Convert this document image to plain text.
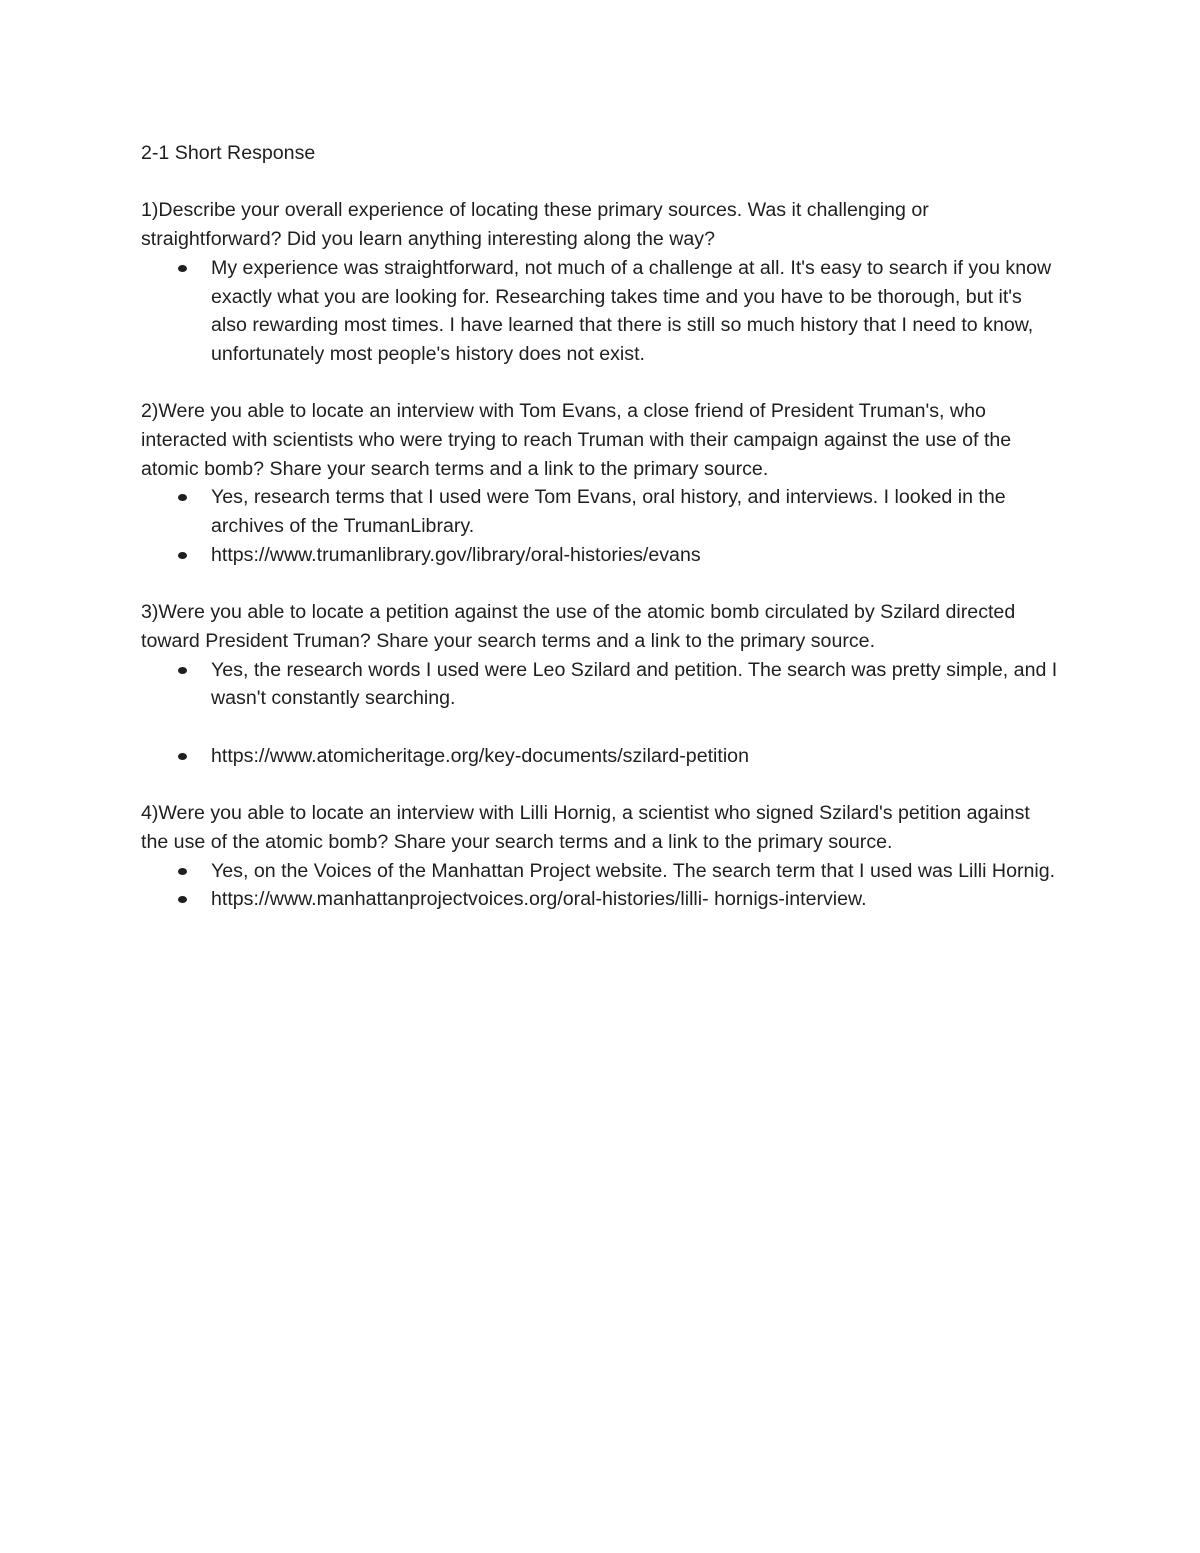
2-1 Short Response

1)Describe your overall experience of locating these primary sources. Was it challenging or straightforward? Did you learn anything interesting along the way?

My experience was straightforward, not much of a challenge at all. It's easy to search if you know exactly what you are looking for. Researching takes time and you have to be thorough, but it's also rewarding most times. I have learned that there is still so much history that I need to know, unfortunately most people's history does not exist.

2)Were you able to locate an interview with Tom Evans, a close friend of President Truman's, who interacted with scientists who were trying to reach Truman with their campaign against the use of the atomic bomb? Share your search terms and a link to the primary source.

Yes, research terms that I used were Tom Evans, oral history, and interviews. I looked in the archives of the TrumanLibrary.
https://www.trumanlibrary.gov/library/oral-histories/evans

3)Were you able to locate a petition against the use of the atomic bomb circulated by Szilard directed toward President Truman? Share your search terms and a link to the primary source.

Yes, the research words I used were Leo Szilard and petition. The search was pretty simple, and I wasn't constantly searching.
https://www.atomicheritage.org/key-documents/szilard-petition

4)Were you able to locate an interview with Lilli Hornig, a scientist who signed Szilard's petition against the use of the atomic bomb? Share your search terms and a link to the primary source.

Yes, on the Voices of the Manhattan Project website. The search term that I used was Lilli Hornig.
https://www.manhattanprojectvoices.org/oral-histories/lilli- hornigs-interview.
